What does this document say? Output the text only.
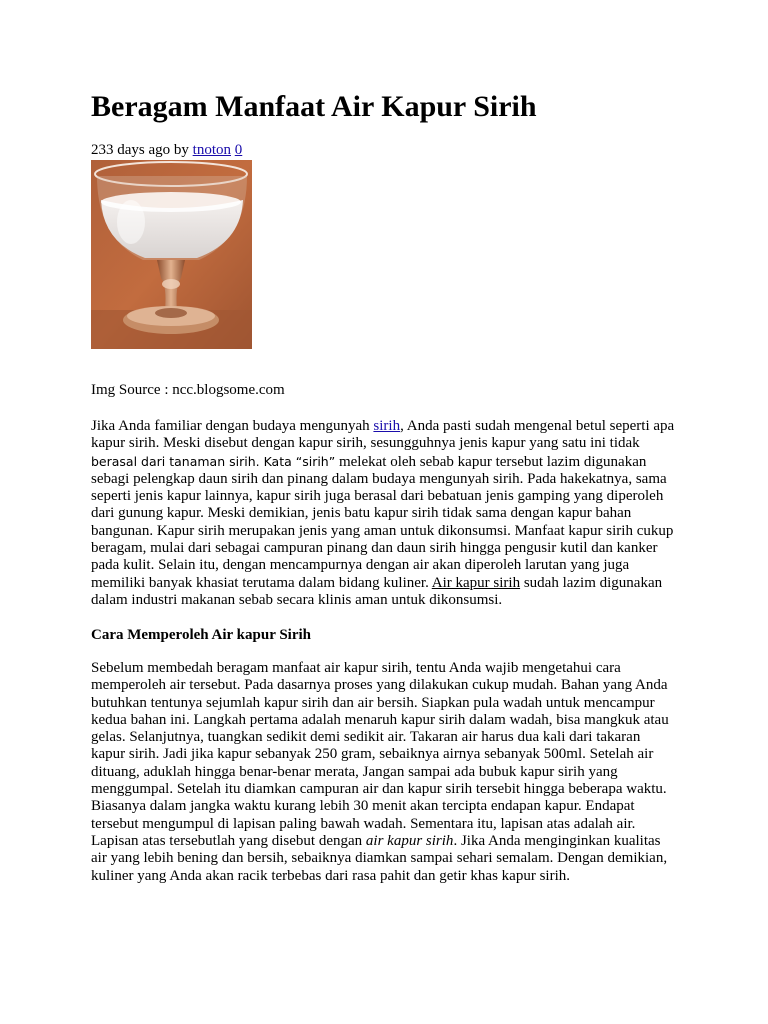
Beragam Manfaat Air Kapur Sirih
233 days ago by tnoton 0
Img Source : ncc.blogsome.com

Jika Anda familiar dengan budaya mengunyah sirih, Anda pasti sudah mengenal betul seperti apa
kapur sirih. Meski disebut dengan kapur sirih, sesungguhnya jenis kapur yang satu ini tidak
berasal dari tanaman sirih. Kata “sirih” melekat oleh sebab kapur tersebut lazim digunakan
sebagi pelengkap daun sirih dan pinang dalam budaya mengunyah sirih. Pada hakekatnya, sama
seperti jenis kapur lainnya, kapur sirih juga berasal dari bebatuan jenis gamping yang diperoleh
dari gunung kapur. Meski demikian, jenis batu kapur sirih tidak sama dengan kapur bahan
bangunan. Kapur sirih merupakan jenis yang aman untuk dikonsumsi. Manfaat kapur sirih cukup
beragam, mulai dari sebagai campuran pinang dan daun sirih hingga pengusir kutil dan kanker
pada kulit. Selain itu, dengan mencampurnya dengan air akan diperoleh larutan yang juga
memiliki banyak khasiat terutama dalam bidang kuliner. Air kapur sirih sudah lazim digunakan
dalam industri makanan sebab secara klinis aman untuk dikonsumsi.

Cara Memperoleh Air kapur Sirih

Sebelum membedah beragam manfaat air kapur sirih, tentu Anda wajib mengetahui cara
memperoleh air tersebut. Pada dasarnya proses yang dilakukan cukup mudah. Bahan yang Anda
butuhkan tentunya sejumlah kapur sirih dan air bersih. Siapkan pula wadah untuk mencampur
kedua bahan ini. Langkah pertama adalah menaruh kapur sirih dalam wadah, bisa mangkuk atau
gelas. Selanjutnya, tuangkan sedikit demi sedikit air. Takaran air harus dua kali dari takaran
kapur sirih. Jadi jika kapur sebanyak 250 gram, sebaiknya airnya sebanyak 500ml. Setelah air
dituang, aduklah hingga benar-benar merata, Jangan sampai ada bubuk kapur sirih yang
menggumpal. Setelah itu diamkan campuran air dan kapur sirih tersebit hingga beberapa waktu.
Biasanya dalam jangka waktu kurang lebih 30 menit akan tercipta endapan kapur. Endapat
tersebut mengumpul di lapisan paling bawah wadah. Sementara itu, lapisan atas adalah air.
Lapisan atas tersebutlah yang disebut dengan air kapur sirih. Jika Anda menginginkan kualitas
air yang lebih bening dan bersih, sebaiknya diamkan sampai sehari semalam. Dengan demikian,
kuliner yang Anda akan racik terbebas dari rasa pahit dan getir khas kapur sirih.
